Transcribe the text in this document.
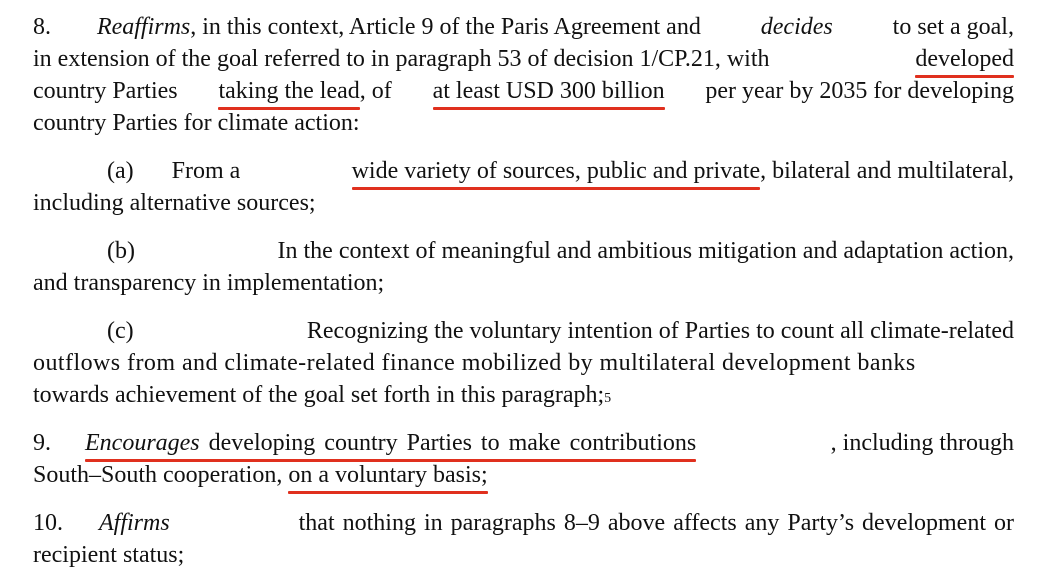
8. Reaffirms, in this context, Article 9 of the Paris Agreement and decides to set a goal,
in extension of the goal referred to in paragraph 53 of decision 1/CP.21, with	developed
country Parties taking the lead, of at least USD 300 billion per year by 2035 for developing
country Parties for climate action:
(a) From a	wide variety of sources, public and private, bilateral and multilateral,
including alternative sources;
(b)	In the context of meaningful and ambitious mitigation and adaptation action,
and transparency in implementation;
(c)	Recognizing the voluntary intention of Parties to count all climate-related
outflows from and climate-related finance mobilized by multilateral development banks
towards achievement of the goal set forth in this paragraph; 5
9. Encourages developing country Parties to make contributions	, including through
South–South cooperation,
on a voluntary basis;
10. Affirms	that nothing in paragraphs 8–9 above affects any Party’s development or
recipient status;
